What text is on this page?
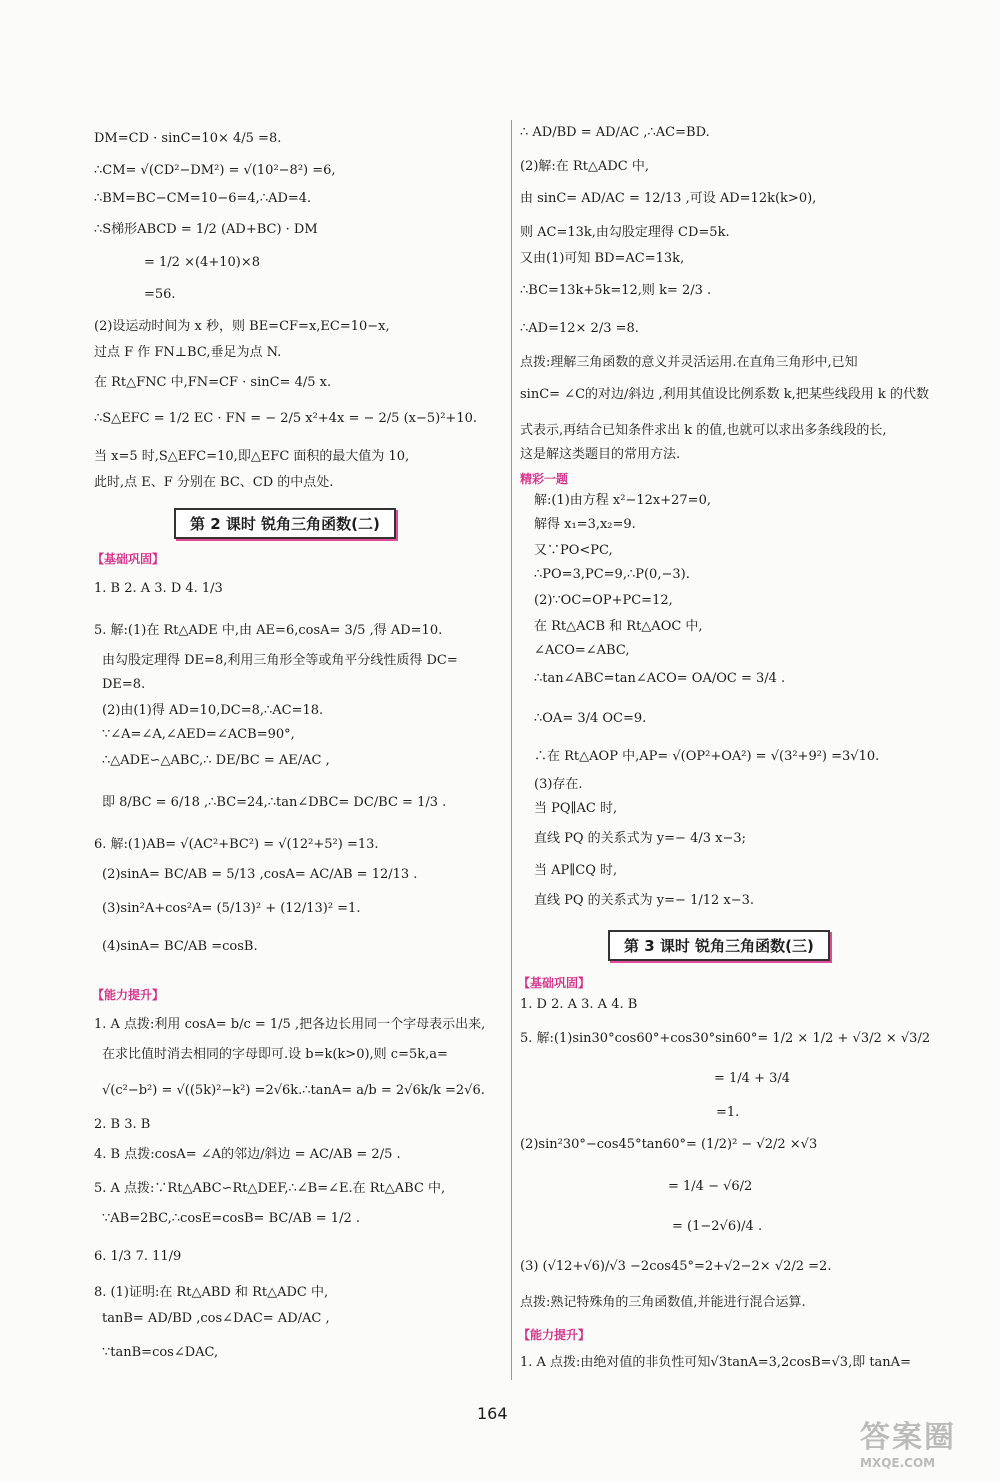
DM=CD · sinC=10× 4/5 =8.
∴CM= √(CD²−DM²) = √(10²−8²) =6,
∴BM=BC−CM=10−6=4,∴AD=4.
∴S梯形ABCD = 1/2 (AD+BC) · DM
= 1/2 ×(4+10)×8
=56.
(2)设运动时间为 x 秒，则 BE=CF=x,EC=10−x,
过点 F 作 FN⊥BC,垂足为点 N.
在 Rt△FNC 中,FN=CF · sinC= 4/5 x.
∴S△EFC = 1/2 EC · FN = − 2/5 x²+4x = − 2/5 (x−5)²+10.
当 x=5 时,S△EFC=10,即△EFC 面积的最大值为 10,
此时,点 E、F 分别在 BC、CD 的中点处.
第 2 课时 锐角三角函数(二)
【基础巩固】
1. B 2. A 3. D 4. 1/3
5. 解:(1)在 Rt△ADE 中,由 AE=6,cosA= 3/5 ,得 AD=10.
由勾股定理得 DE=8,利用三角形全等或角平分线性质得 DC=
DE=8.
(2)由(1)得 AD=10,DC=8,∴AC=18.
∵∠A=∠A,∠AED=∠ACB=90°,
∴△ADE∽△ABC,∴ DE/BC = AE/AC ,
即 8/BC = 6/18 ,∴BC=24,∴tan∠DBC= DC/BC = 1/3 .
6. 解:(1)AB= √(AC²+BC²) = √(12²+5²) =13.
(2)sinA= BC/AB = 5/13 ,cosA= AC/AB = 12/13 .
(3)sin²A+cos²A= (5/13)² + (12/13)² =1.
(4)sinA= BC/AB =cosB.
【能力提升】
1. A 点拨:利用 cosA= b/c = 1/5 ,把各边长用同一个字母表示出来,
在求比值时消去相同的字母即可.设 b=k(k>0),则 c=5k,a=
√(c²−b²) = √((5k)²−k²) =2√6k.∴tanA= a/b = 2√6k/k =2√6.
2. B 3. B
4. B 点拨:cosA= ∠A的邻边/斜边 = AC/AB = 2/5 .
5. A 点拨:∵Rt△ABC∽Rt△DEF,∴∠B=∠E.在 Rt△ABC 中,
∵AB=2BC,∴cosE=cosB= BC/AB = 1/2 .
6. 1/3 7. 11/9
8. (1)证明:在 Rt△ABD 和 Rt△ADC 中,
tanB= AD/BD ,cos∠DAC= AD/AC ,
∵tanB=cos∠DAC,
∴ AD/BD = AD/AC ,∴AC=BD.
(2)解:在 Rt△ADC 中,
由 sinC= AD/AC = 12/13 ,可设 AD=12k(k>0),
则 AC=13k,由勾股定理得 CD=5k.
又由(1)可知 BD=AC=13k,
∴BC=13k+5k=12,则 k= 2/3 .
∴AD=12× 2/3 =8.
点拨:理解三角函数的意义并灵活运用.在直角三角形中,已知
sinC= ∠C的对边/斜边 ,利用其值设比例系数 k,把某些线段用 k 的代数
式表示,再结合已知条件求出 k 的值,也就可以求出多条线段的长,
这是解这类题目的常用方法.
精彩一题
解:(1)由方程 x²−12x+27=0,
解得 x₁=3,x₂=9.
又∵PO<PC,
∴PO=3,PC=9,∴P(0,−3).
(2)∵OC=OP+PC=12,
在 Rt△ACB 和 Rt△AOC 中,
∠ACO=∠ABC,
∴tan∠ABC=tan∠ACO= OA/OC = 3/4 .
∴OA= 3/4 OC=9.
∴在 Rt△AOP 中,AP= √(OP²+OA²) = √(3²+9²) =3√10.
(3)存在.
当 PQ∥AC 时,
直线 PQ 的关系式为 y=− 4/3 x−3;
当 AP∥CQ 时,
直线 PQ 的关系式为 y=− 1/12 x−3.
第 3 课时 锐角三角函数(三)
【基础巩固】
1. D 2. A 3. A 4. B
5. 解:(1)sin30°cos60°+cos30°sin60°= 1/2 × 1/2 + √3/2 × √3/2
= 1/4 + 3/4
=1.
(2)sin²30°−cos45°tan60°= (1/2)² − √2/2 ×√3
= 1/4 − √6/2
= (1−2√6)/4 .
(3) (√12+√6)/√3 −2cos45°=2+√2−2× √2/2 =2.
点拨:熟记特殊角的三角函数值,并能进行混合运算.
【能力提升】
1. A 点拨:由绝对值的非负性可知√3tanA=3,2cosB=√3,即 tanA=
164
答案圈
MXQE.COM
